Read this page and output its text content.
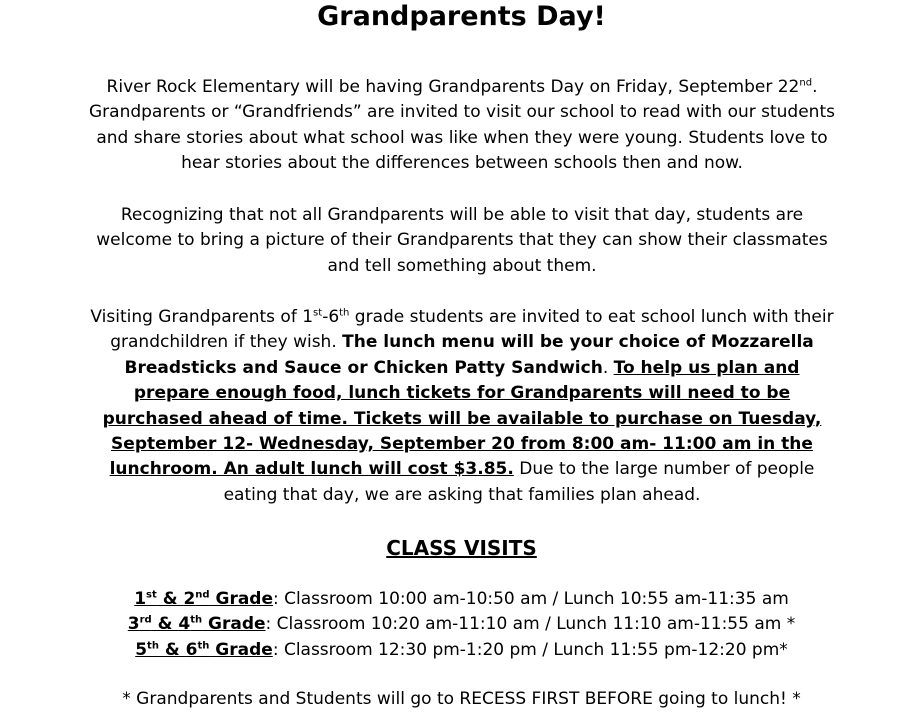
Grandparents Day!

River Rock Elementary will be having Grandparents Day on Friday, September 22nd. Grandparents or “Grandfriends” are invited to visit our school to read with our students and share stories about what school was like when they were young. Students love to hear stories about the differences between schools then and now.

Recognizing that not all Grandparents will be able to visit that day, students are welcome to bring a picture of their Grandparents that they can show their classmates and tell something about them.

Visiting Grandparents of 1st-6th grade students are invited to eat school lunch with their grandchildren if they wish. The lunch menu will be your choice of Mozzarella Breadsticks and Sauce or Chicken Patty Sandwich. To help us plan and prepare enough food, lunch tickets for Grandparents will need to be purchased ahead of time. Tickets will be available to purchase on Tuesday, September 12- Wednesday, September 20 from 8:00 am- 11:00 am in the lunchroom. An adult lunch will cost $3.85. Due to the large number of people eating that day, we are asking that families plan ahead.

CLASS VISITS

1st & 2nd Grade: Classroom 10:00 am-10:50 am / Lunch 10:55 am-11:35 am

3rd & 4th Grade: Classroom 10:20 am-11:10 am / Lunch 11:10 am-11:55 am *

5th & 6th Grade: Classroom 12:30 pm-1:20 pm / Lunch 11:55 pm-12:20 pm*

* Grandparents and Students will go to RECESS FIRST BEFORE going to lunch! *
